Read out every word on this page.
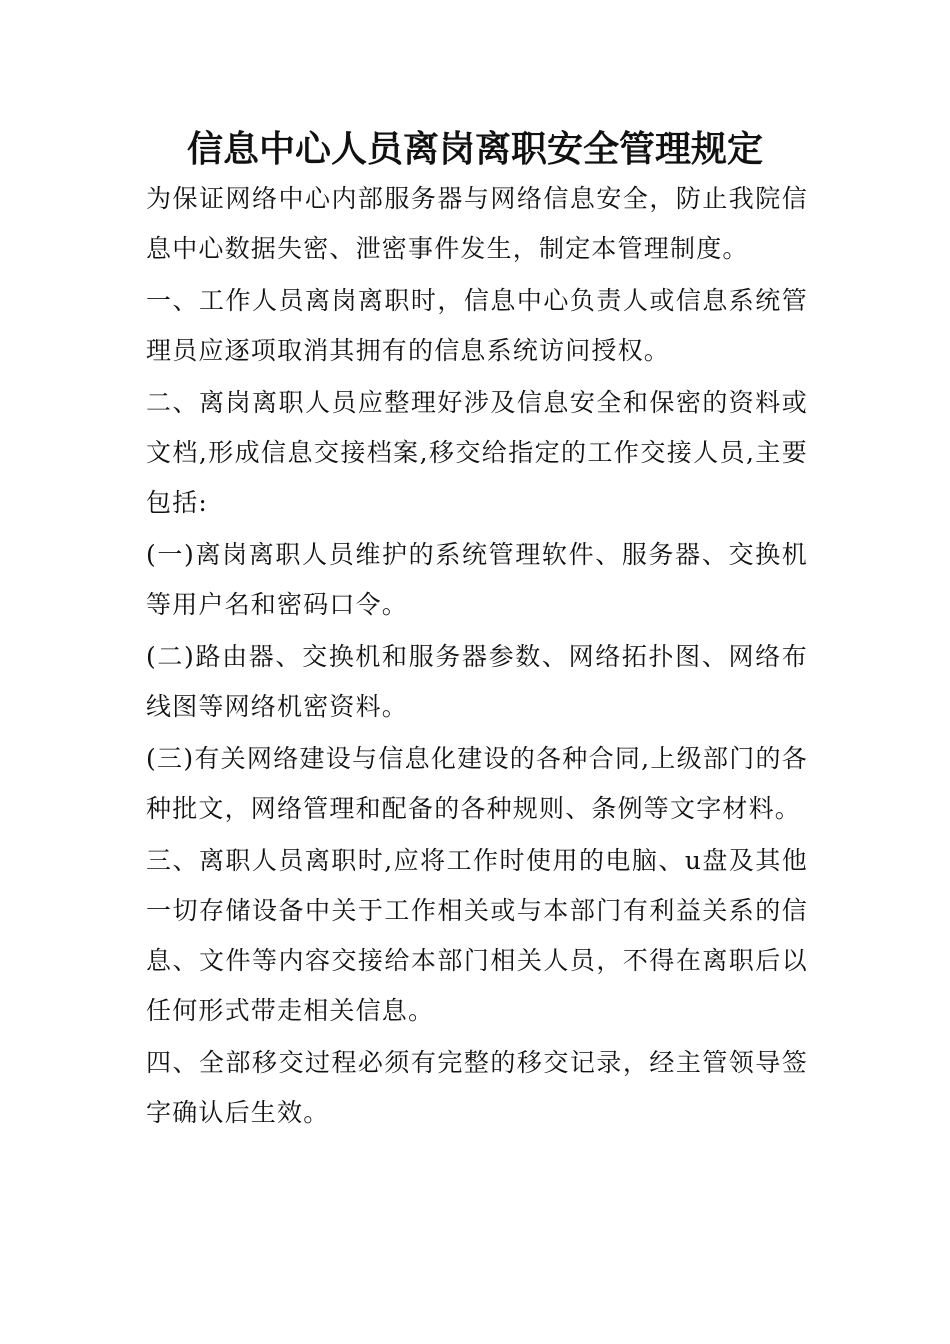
信息中心人员离岗离职安全管理规定

为保证网络中心内部服务器与网络信息安全，防止我院信息中心数据失密、泄密事件发生，制定本管理制度。

一、工作人员离岗离职时，信息中心负责人或信息系统管理员应逐项取消其拥有的信息系统访问授权。

二、离岗离职人员应整理好涉及信息安全和保密的资料或文档,形成信息交接档案,移交给指定的工作交接人员,主要包括:

(一)离岗离职人员维护的系统管理软件、服务器、交换机等用户名和密码口令。

(二)路由器、交换机和服务器参数、网络拓扑图、网络布线图等网络机密资料。

(三)有关网络建设与信息化建设的各种合同,上级部门的各种批文，网络管理和配备的各种规则、条例等文字材料。

三、离职人员离职时,应将工作时使用的电脑、u盘及其他一切存储设备中关于工作相关或与本部门有利益关系的信息、文件等内容交接给本部门相关人员，不得在离职后以任何形式带走相关信息。

四、全部移交过程必须有完整的移交记录，经主管领导签字确认后生效。
